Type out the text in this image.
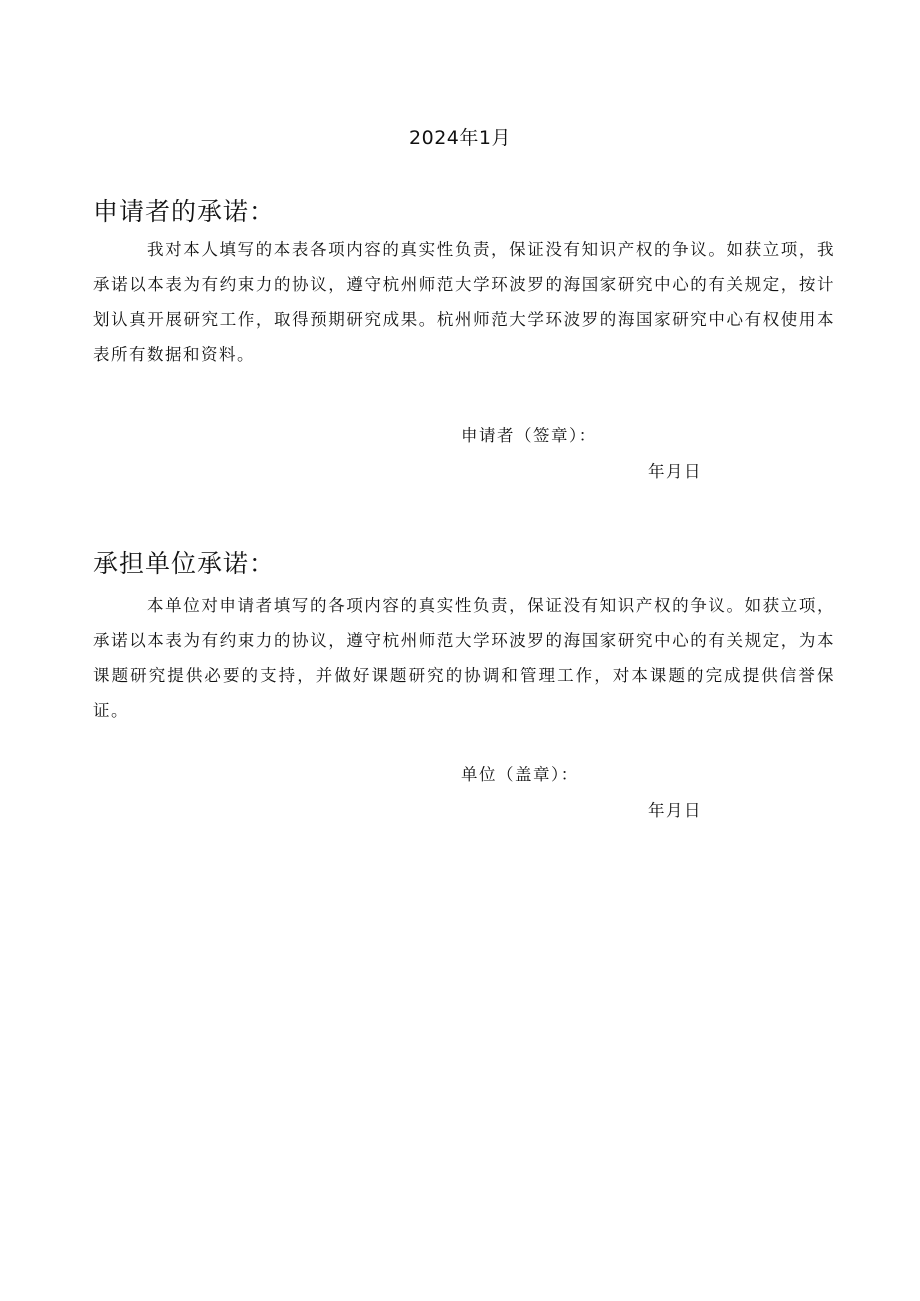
2024年1月
申请者的承诺：

我对本人填写的本表各项内容的真实性负责，保证没有知识产权的争议。如获立项，我承诺以本表为有约束力的协议，遵守杭州师范大学环波罗的海国家研究中心的有关规定，按计划认真开展研究工作，取得预期研究成果。杭州师范大学环波罗的海国家研究中心有权使用本表所有数据和资料。

申请者（签章）：
年月日
承担单位承诺：

本单位对申请者填写的各项内容的真实性负责，保证没有知识产权的争议。如获立项，承诺以本表为有约束力的协议，遵守杭州师范大学环波罗的海国家研究中心的有关规定，为本课题研究提供必要的支持，并做好课题研究的协调和管理工作，对本课题的完成提供信誉保证。

单位（盖章）：
年月日
